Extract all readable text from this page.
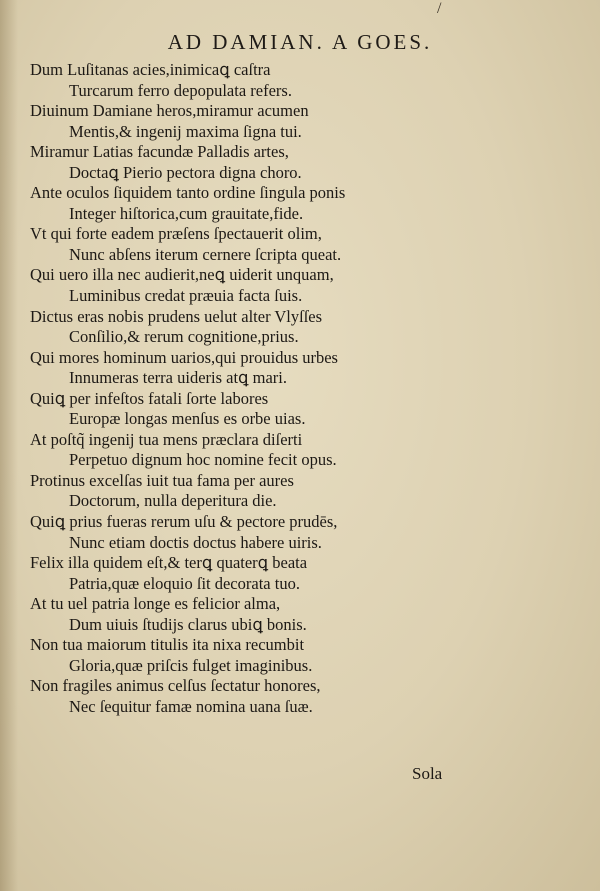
/
AD DAMIAN. A GOES.
Dum Luſitanas acies,inimicaꝗ caſtra
Turcarum ferro depopulata refers.
Diuinum Damiane heros,miramur acumen
Mentis,& ingenij maxima ſigna tui.
Miramur Latias facundæ Palladis artes,
Doctaꝗ Pierio pectora digna choro.
Ante oculos ſiquidem tanto ordine ſingula ponis
Integer hiſtorica,cum grauitate,fide.
Vt qui forte eadem præſens ſpectauerit olim,
Nunc abſens iterum cernere ſcripta queat.
Qui uero illa nec audierit,neꝗ uiderit unquam,
Luminibus credat præuia facta ſuis.
Dictus eras nobis prudens uelut alter Vlyſſes
Conſilio,& rerum cognitione,prius.
Qui mores hominum uarios,qui prouidus urbes
Innumeras terra uideris atꝗ mari.
Quiꝗ per infeſtos fatali ſorte labores
Europæ longas menſus es orbe uias.
At poſtq̃ ingenij tua mens præclara diſerti
Perpetuo dignum hoc nomine fecit opus.
Protinus excelſas iuit tua fama per aures
Doctorum, nulla deperitura die.
Quiꝗ prius fueras rerum uſu & pectore prudēs,
Nunc etiam doctis doctus habere uiris.
Felix illa quidem eſt,& terꝗ quaterꝗ beata
Patria,quæ eloquio ſit decorata tuo.
At tu uel patria longe es felicior alma,
Dum uiuis ſtudijs clarus ubiꝗ bonis.
Non tua maiorum titulis ita nixa recumbit
Gloria,quæ priſcis fulget imaginibus.
Non fragiles animus celſus ſectatur honores,
Nec ſequitur famæ nomina uana ſuæ.
Sola
